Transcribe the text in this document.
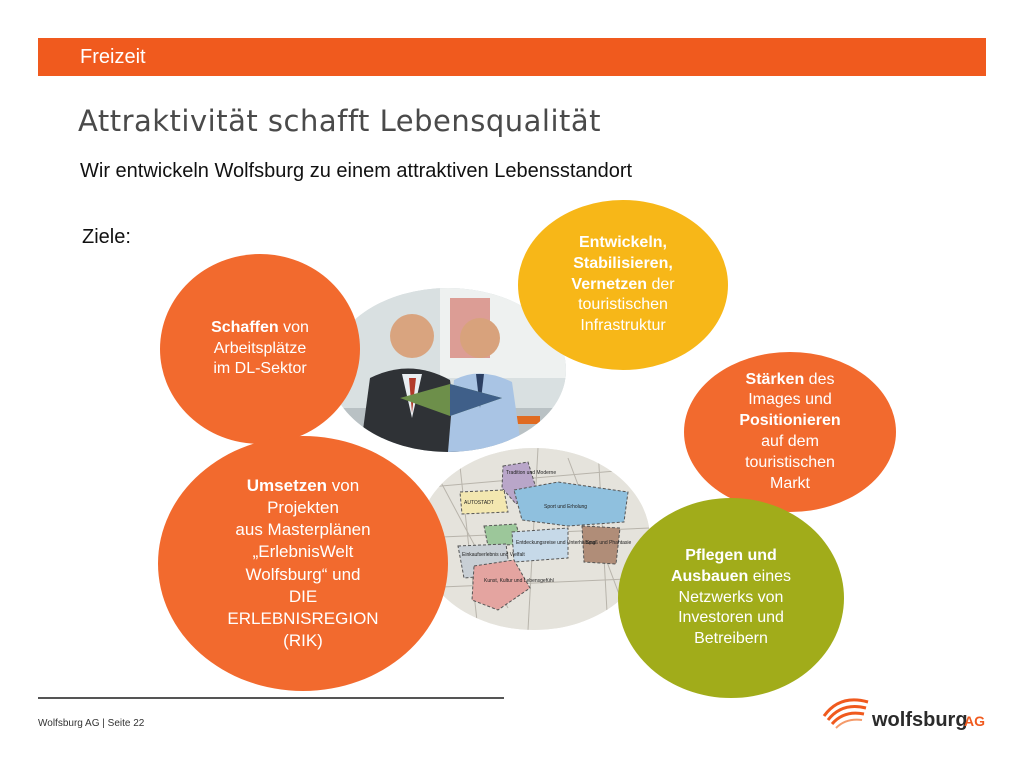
Freizeit
Attraktivität schafft Lebensqualität
Wir entwickeln Wolfsburg zu einem attraktiven Lebensstandort
Ziele:
AUTOSTADT
Tradition und Moderne
Sport und Erholung
Spaß und Phantasie
Entdeckungsreise und Unterhaltung
Einkaufserlebnis und Vielfalt
Kunst, Kultur und Lebensgefühl
Schaffen von
Arbeitsplätze
im DL-Sektor
Entwickeln,
Stabilisieren,
Vernetzen der
touristischen
Infrastruktur
Stärken des
Images und
Positionieren
auf dem
touristischen
Markt
Umsetzen von
Projekten
aus Masterplänen
„ErlebnisWelt
Wolfsburg“ und
DIE
ERLEBNISREGION
(RIK)
Pflegen und
Ausbauen eines
Netzwerks von
Investoren und
Betreibern
Wolfsburg AG | Seite 22	wolfsburg
AG
